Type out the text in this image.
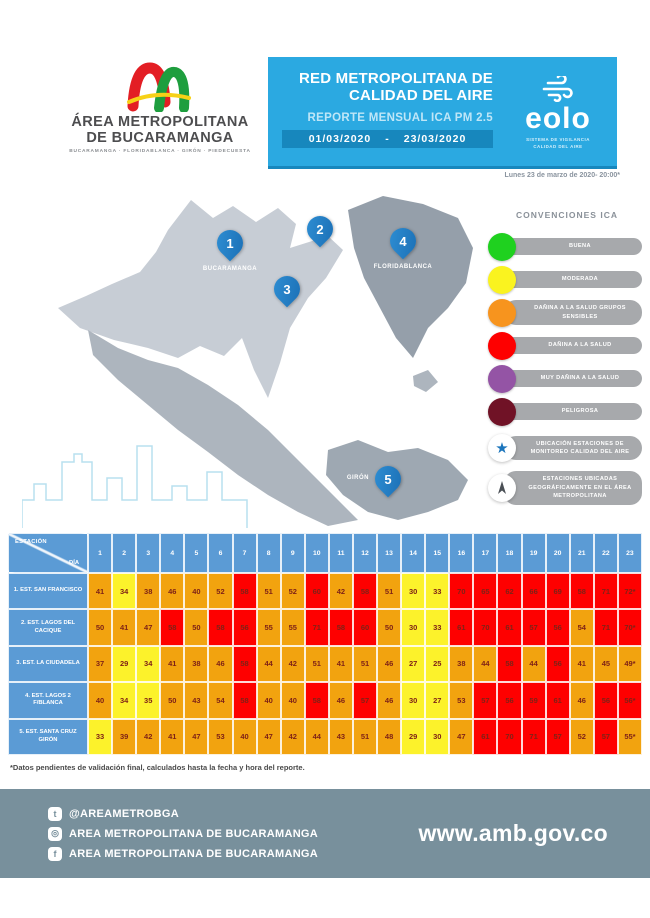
ÁREA METROPOLITANA
DE BUCARAMANGA
BUCARAMANGA · FLORIDABLANCA · GIRÓN · PIEDECUESTA
RED METROPOLITANA DE
CALIDAD DEL AIRE
REPORTE MENSUAL ICA PM 2.5
01/03/2020 - 23/03/2020
eolo
SISTEMA DE VIGILANCIA
CALIDAD DEL AIRE
Lunes 23 de marzo de 2020- 20:00*
1
BUCARAMANGA
2
3
4
FLORIDABLANCA
5
GIRÓN
CONVENCIONES ICA
BUENA
MODERADA
DAÑINA A LA SALUD GRUPOS SENSIBLES
DAÑINA A LA SALUD
MUY DAÑINA A LA SALUD
PELIGROSA
★	UBICACIÓN ESTACIONES DE MONITOREO CALIDAD DEL AIRE
ESTACIONES UBICADAS GEOGRÁFICAMENTE EN EL ÁREA METROPOLITANA
ESTACIÓN
DÍA
1	2	3	4	5	6	7	8	9	10	11	12	13	14	15	16	17	18	19	20	21	22	23
1. EST. SAN FRANCISCO	41	34	38	46	40	52	58	51	52	60	42	58	51	30	33	70	65	62	66	69	58	71	72*
2. EST. LAGOS DEL CACIQUE	50	41	47	58	50	58	56	55	55	71	58	60	50	30	33	61	70	61	57	56	54	71	70*
3. EST. LA CIUDADELA	37	29	34	41	38	46	58	44	42	51	41	51	46	27	25	38	44	58	44	56	41	45	49*
4. EST. LAGOS 2 F/BLANCA	40	34	35	50	43	54	58	40	40	58	46	57	46	30	27	53	57	56	59	61	46	56	56*
5. EST. SANTA CRUZ GIRÓN	33	39	42	41	47	53	40	47	42	44	43	51	48	29	30	47	61	70	71	57	52	57	55*
*Datos pendientes de validación final, calculados hasta la fecha y hora del reporte.
t	@AREAMETROBGA
◎ AREA METROPOLITANA DE BUCARAMANGA
f	AREA METROPOLITANA DE BUCARAMANGA
www.amb.gov.co
